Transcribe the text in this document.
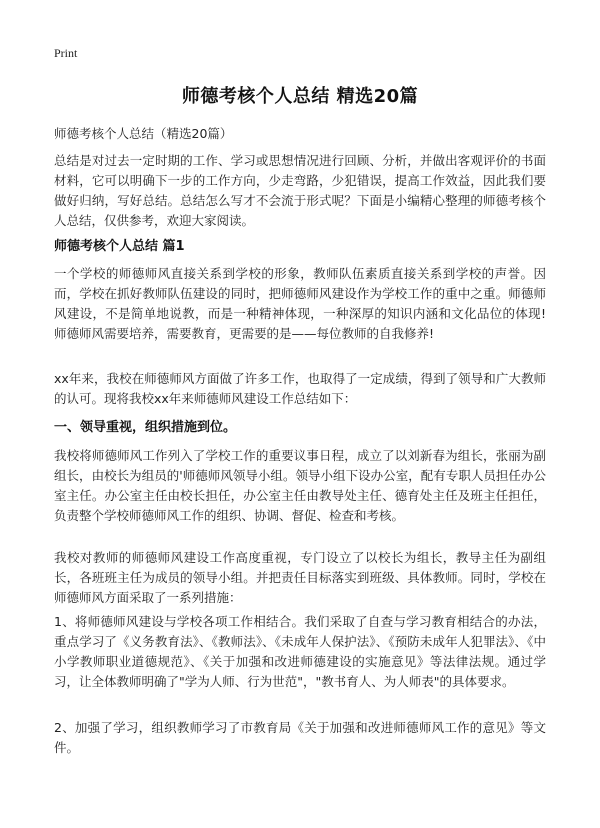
Print
师德考核个人总结 精选20篇
师德考核个人总结（精选20篇）

总结是对过去一定时期的工作、学习或思想情况进行回顾、分析，并做出客观评价的书面材料，它可以明确下一步的工作方向，少走弯路，少犯错误，提高工作效益，因此我们要做好归纳，写好总结。总结怎么写才不会流于形式呢？下面是小编精心整理的师德考核个人总结，仅供参考，欢迎大家阅读。

师德考核个人总结 篇1

一个学校的师德师风直接关系到学校的形象，教师队伍素质直接关系到学校的声誉。因而，学校在抓好教师队伍建设的同时，把师德师风建设作为学校工作的重中之重。师德师风建设，不是简单地说教，而是一种精神体现，一种深厚的知识内涵和文化品位的体现!师德师风需要培养，需要教育，更需要的是——每位教师的自我修养!

xx年来，我校在师德师风方面做了许多工作，也取得了一定成绩，得到了领导和广大教师的认可。现将我校xx年来师德师风建设工作总结如下：

一、领导重视，组织措施到位。

我校将师德师风工作列入了学校工作的重要议事日程，成立了以刘新春为组长，张丽为副组长，由校长为组员的'师德师风领导小组。领导小组下设办公室，配有专职人员担任办公室主任。办公室主任由校长担任，办公室主任由教导处主任、德育处主任及班主任担任，负责整个学校师德师风工作的组织、协调、督促、检查和考核。

我校对教师的师德师风建设工作高度重视，专门设立了以校长为组长，教导主任为副组长，各班班主任为成员的领导小组。并把责任目标落实到班级、具体教师。同时，学校在师德师风方面采取了一系列措施：

1、将师德师风建设与学校各项工作相结合。我们采取了自查与学习教育相结合的办法，重点学习了《义务教育法》、《教师法》、《未成年人保护法》、《预防未成年人犯罪法》、《中小学教师职业道德规范》、《关于加强和改进师德建设的实施意见》等法律法规。通过学习，让全体教师明确了"学为人师、行为世范"，"教书育人、为人师表"的具体要求。

2、加强了学习，组织教师学习了市教育局《关于加强和改进师德师风工作的意见》等文件。
